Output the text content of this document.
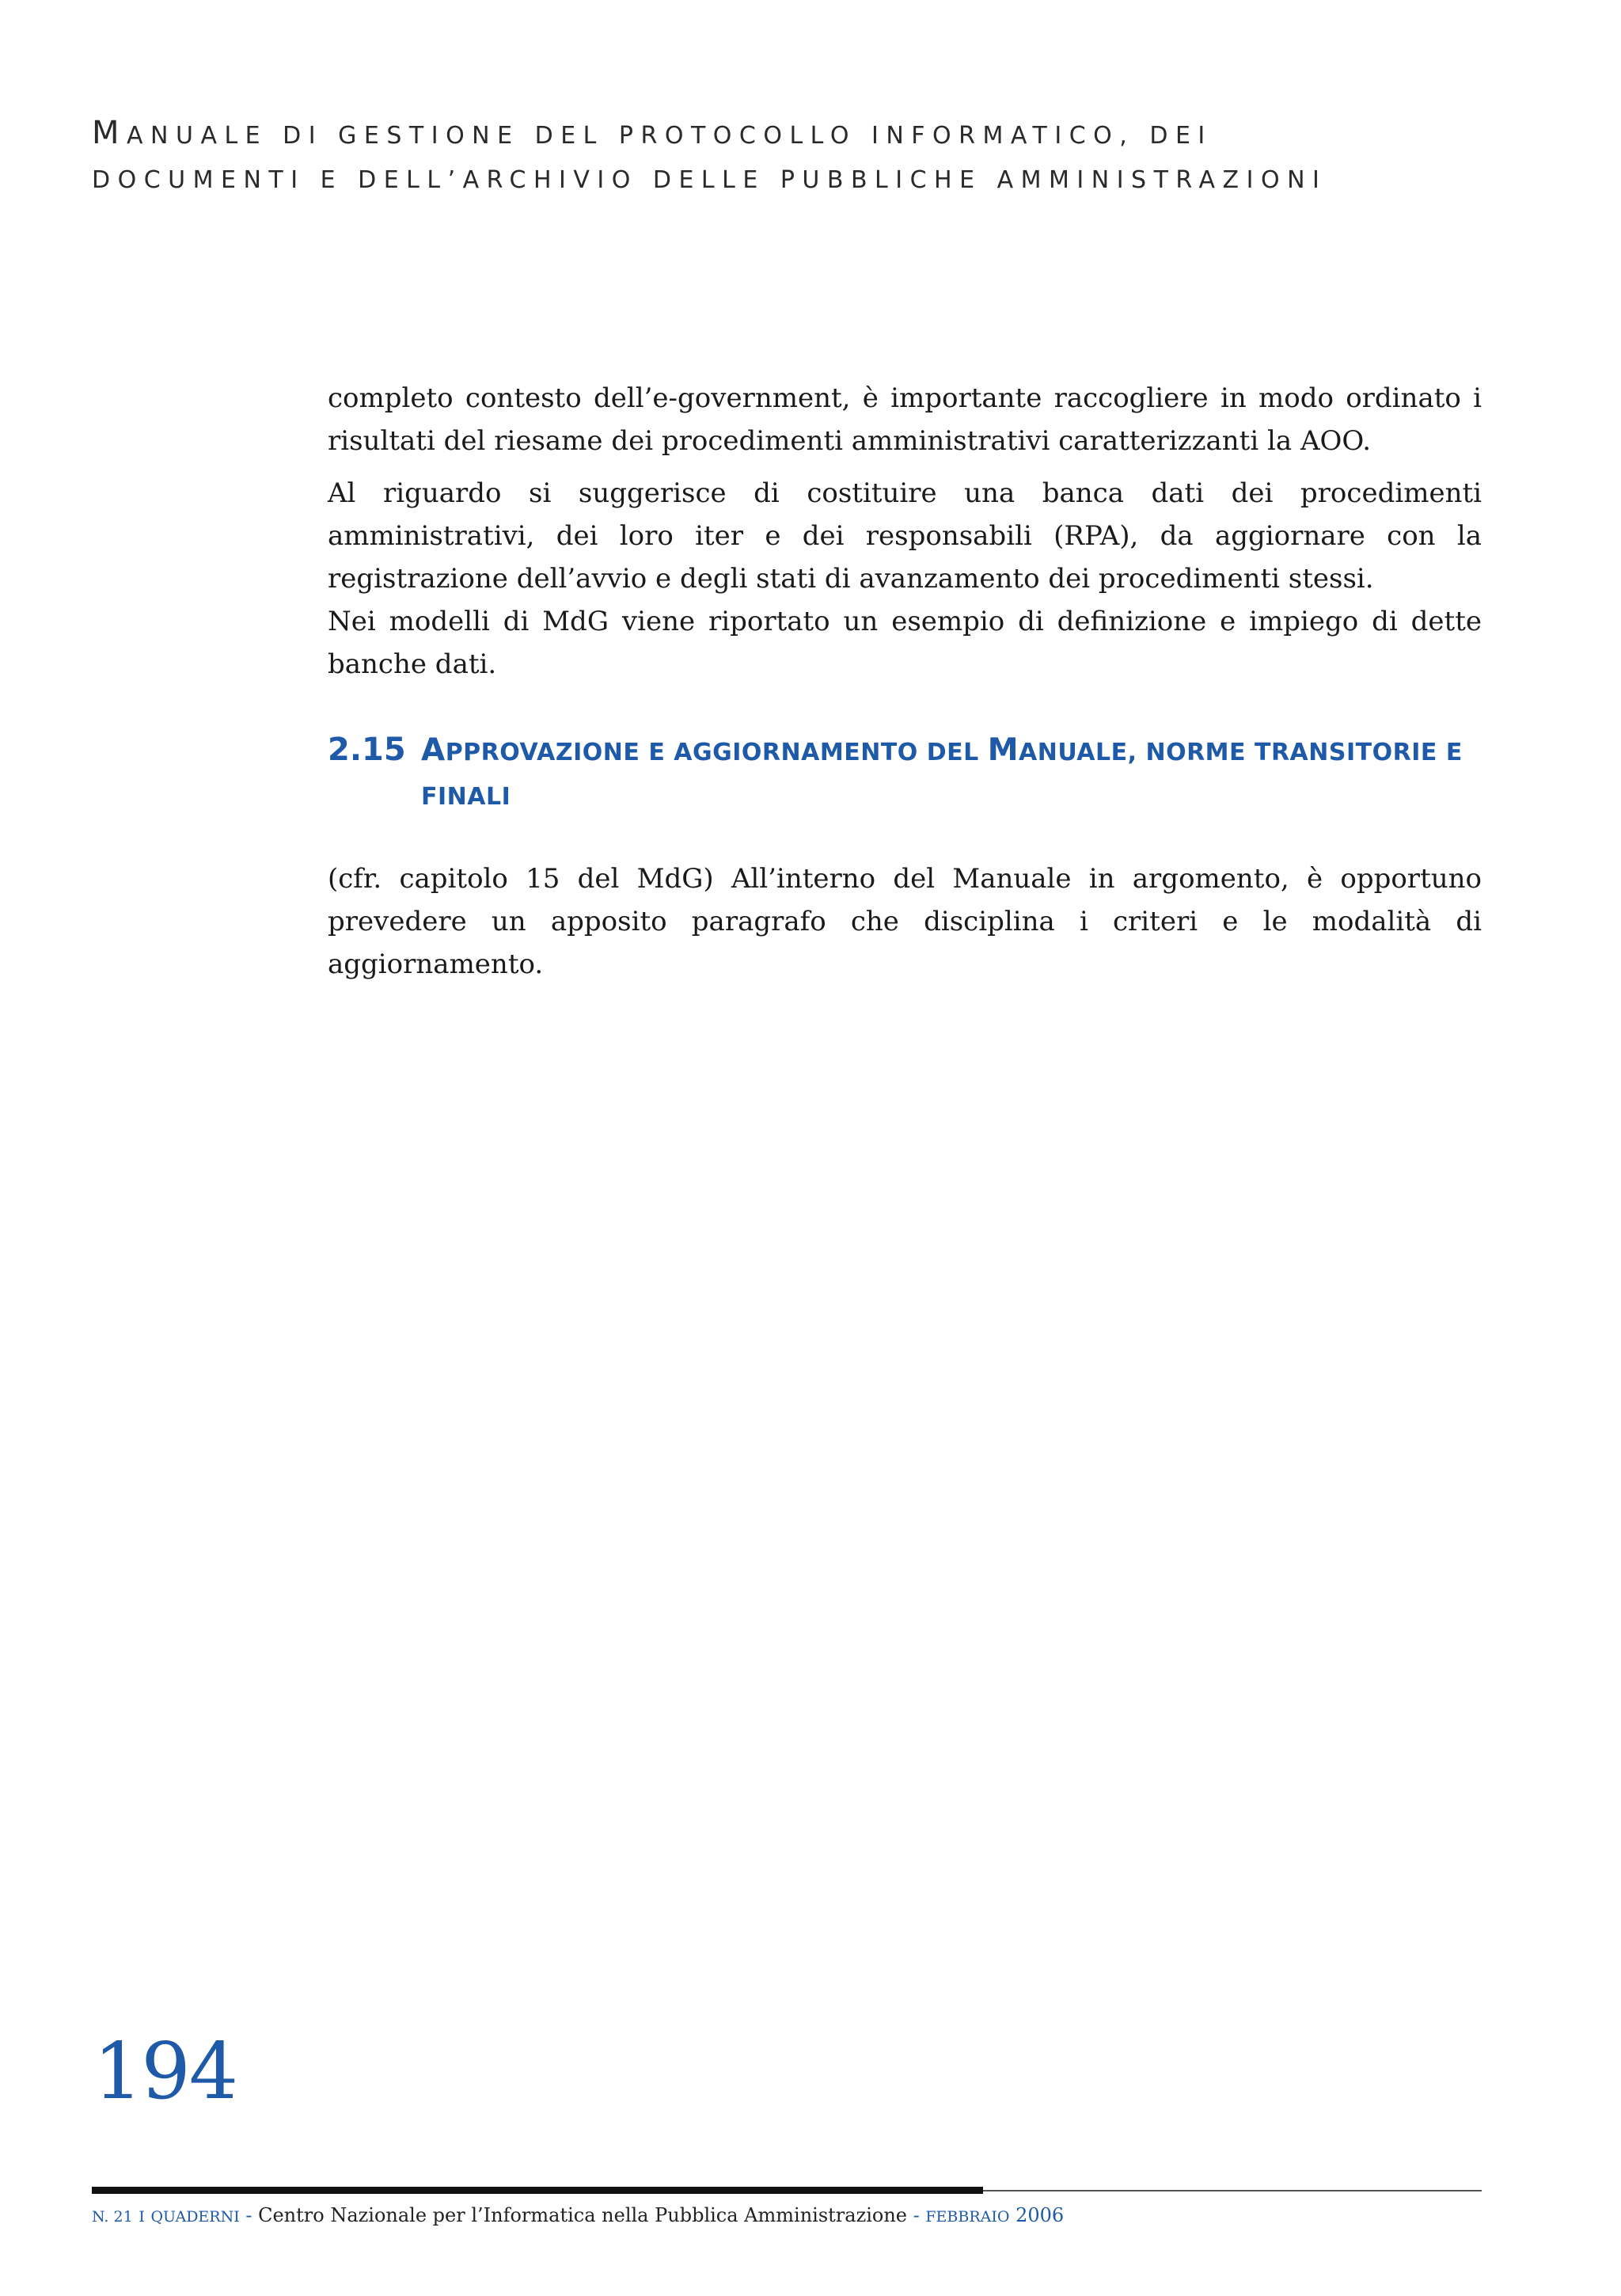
MANUALE DI GESTIONE DEL PROTOCOLLO INFORMATICO, DEI
DOCUMENTI E DELL’ARCHIVIO DELLE PUBBLICHE AMMINISTRAZIONI

completo contesto dell’e-government, è importante raccogliere in modo ordinato i risultati del riesame dei procedimenti amministrativi caratterizzanti la AOO.

Al riguardo si suggerisce di costituire una banca dati dei procedimenti amministrativi, dei loro iter e dei responsabili (RPA), da aggiornare con la registrazione dell’avvio e degli stati di avanzamento dei procedimenti stessi.

Nei modelli di MdG viene riportato un esempio di definizione e impiego di dette banche dati.

2.15 APPROVAZIONE E AGGIORNAMENTO DEL MANUALE, NORME TRANSITORIE E FINALI

(cfr. capitolo 15 del MdG) All’interno del Manuale in argomento, è opportuno prevedere un apposito paragrafo che disciplina i criteri e le modalità di aggiornamento.

194
N. 21 I QUADERNI - Centro Nazionale per l’Informatica nella Pubblica Amministrazione - FEBBRAIO 2006
